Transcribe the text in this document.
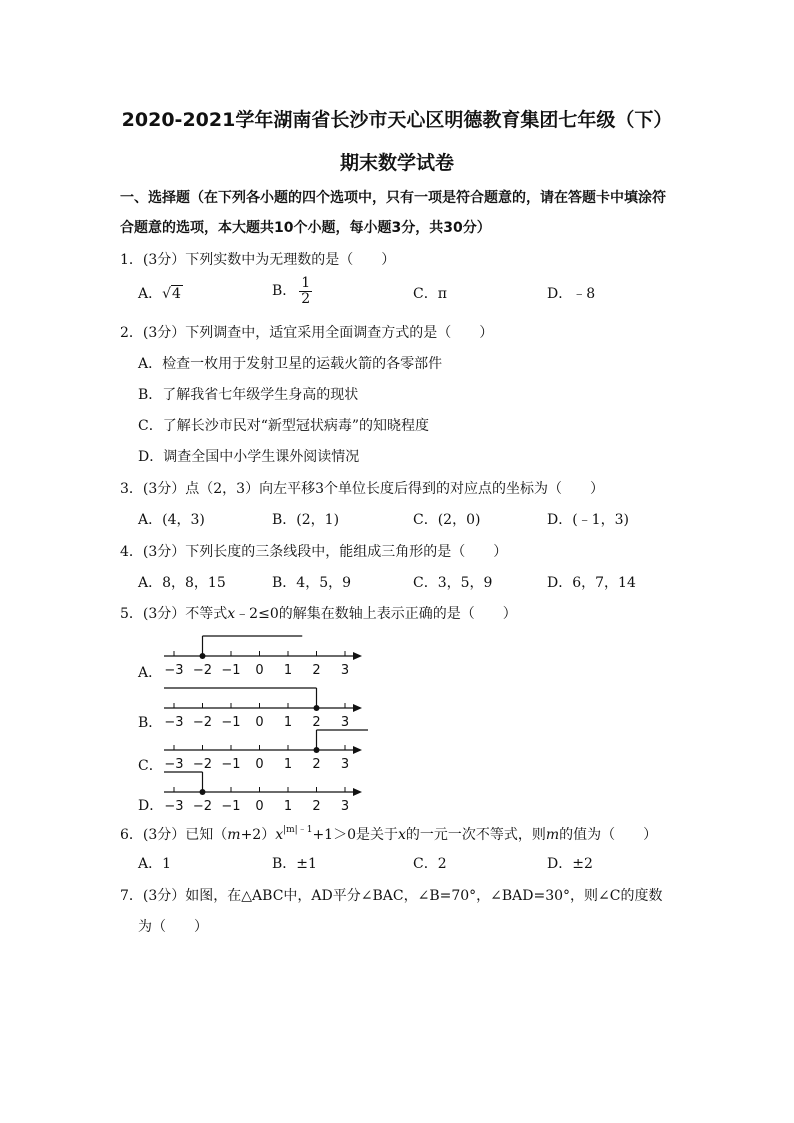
2020-2021学年湖南省长沙市天心区明德教育集团七年级（下）
期末数学试卷
一、选择题（在下列各小题的四个选项中，只有一项是符合题意的，请在答题卡中填涂符
合题意的选项，本大题共10个小题，每小题3分，共30分）
1．(3分）下列实数中为无理数的是（　　）
A．√4	B． $\frac{1}{2}$	C．π	D．﹣8
2．(3分）下列调查中，适宜采用全面调查方式的是（　　）
A．检查一枚用于发射卫星的运载火箭的各零部件
B．了解我省七年级学生身高的现状
C．了解长沙市民对“新型冠状病毒”的知晓程度
D．调查全国中小学生课外阅读情况
3．(3分）点（2，3）向左平移3个单位长度后得到的对应点的坐标为（　　）
A．(4，3)	B．(2，1)	C．(2，0)	D．(﹣1，3)
4．(3分）下列长度的三条线段中，能组成三角形的是（　　）
A．8，8，15	B．4，5，9	C．3，5，9	D．6，7，14
5．(3分）不等式x﹣2≤0的解集在数轴上表示正确的是（　　）
A． −3 −2 −1 0 1 2 3
B． −3 −2 −1 0 1 2 3
C． −3 −2 −1 0 1 2 3
D． −3 −2 −1 0 1 2 3
6．(3分）已知$(m+2)x^{|m|﹣1}+1>0$是关于x的一元一次不等式，则m的值为（　　）
A．1	B．±1	C．2	D．±2
7．(3分）如图，在△ABC中，AD平分∠BAC，∠B=70°，∠BAD=30°，则∠C的度数
为（　　）
